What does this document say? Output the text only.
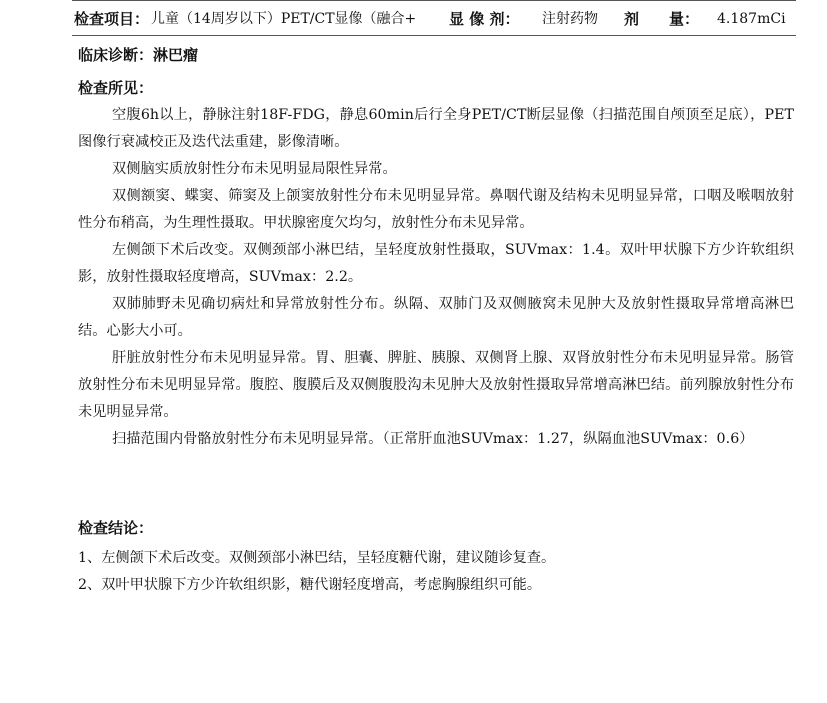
检查项目： 儿童（14周岁以下）PET/CT显像（融合+	显 像 剂： 注射药物 剂　　量： 4.187mCi
临床诊断：淋巴瘤
检查所见：

空腹6h以上，静脉注射18F-FDG，静息60min后行全身PET/CT断层显像（扫描范围自颅顶至足底），PET图像行衰减校正及迭代法重建，影像清晰。

双侧脑实质放射性分布未见明显局限性异常。

双侧额窦、蝶窦、筛窦及上颌窦放射性分布未见明显异常。鼻咽代谢及结构未见明显异常，口咽及喉咽放射性分布稍高，为生理性摄取。甲状腺密度欠均匀，放射性分布未见异常。

左侧颌下术后改变。双侧颈部小淋巴结，呈轻度放射性摄取，SUVmax：1.4。双叶甲状腺下方少许软组织影，放射性摄取轻度增高，SUVmax：2.2。

双肺肺野未见确切病灶和异常放射性分布。纵隔、双肺门及双侧腋窝未见肿大及放射性摄取异常增高淋巴结。心影大小可。

肝脏放射性分布未见明显异常。胃、胆囊、脾脏、胰腺、双侧肾上腺、双肾放射性分布未见明显异常。肠管放射性分布未见明显异常。腹腔、腹膜后及双侧腹股沟未见肿大及放射性摄取异常增高淋巴结。前列腺放射性分布未见明显异常。

扫描范围内骨骼放射性分布未见明显异常。（正常肝血池SUVmax：1.27，纵隔血池SUVmax：0.6）

检查结论：

1、左侧颌下术后改变。双侧颈部小淋巴结，呈轻度糖代谢，建议随诊复查。

2、双叶甲状腺下方少许软组织影，糖代谢轻度增高，考虑胸腺组织可能。
